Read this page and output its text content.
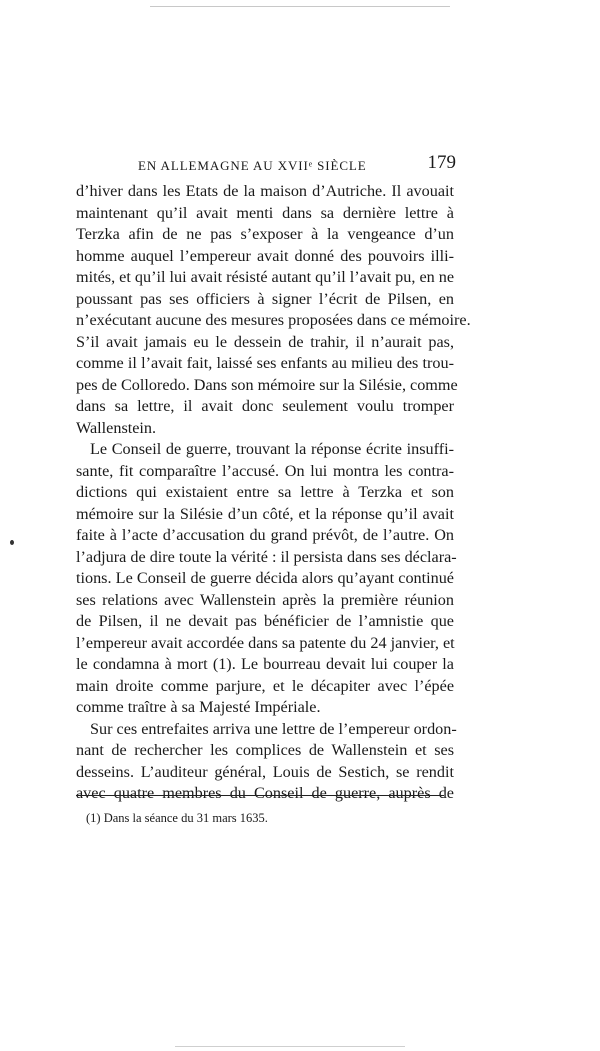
EN ALLEMAGNE AU XVIIᵉ SIÈCLE	179
d’hiver dans les Etats de la maison d’Autriche. Il avouait
maintenant qu’il avait menti dans sa dernière lettre à
Terzka afin de ne pas s’exposer à la vengeance d’un
homme auquel l’empereur avait donné des pouvoirs illi-
mités, et qu’il lui avait résisté autant qu’il l’avait pu, en ne
poussant pas ses officiers à signer l’écrit de Pilsen, en
n’exécutant aucune des mesures proposées dans ce mémoire.
S’il avait jamais eu le dessein de trahir, il n’aurait pas,
comme il l’avait fait, laissé ses enfants au milieu des trou-
pes de Colloredo. Dans son mémoire sur la Silésie, comme
dans sa lettre, il avait donc seulement voulu tromper
Wallenstein.
Le Conseil de guerre, trouvant la réponse écrite insuffi-
sante, fit comparaître l’accusé. On lui montra les contra-
dictions qui existaient entre sa lettre à Terzka et son
mémoire sur la Silésie d’un côté, et la réponse qu’il avait
faite à l’acte d’accusation du grand prévôt, de l’autre. On
l’adjura de dire toute la vérité : il persista dans ses déclara-
tions. Le Conseil de guerre décida alors qu’ayant continué
ses relations avec Wallenstein après la première réunion
de Pilsen, il ne devait pas bénéficier de l’amnistie que
l’empereur avait accordée dans sa patente du 24 janvier, et
le condamna à mort (1). Le bourreau devait lui couper la
main droite comme parjure, et le décapiter avec l’épée
comme traître à sa Majesté Impériale.
Sur ces entrefaites arriva une lettre de l’empereur ordon-
nant de rechercher les complices de Wallenstein et ses
desseins. L’auditeur général, Louis de Sestich, se rendit
avec quatre membres du Conseil de guerre, auprès de
(1) Dans la séance du 31 mars 1635.
